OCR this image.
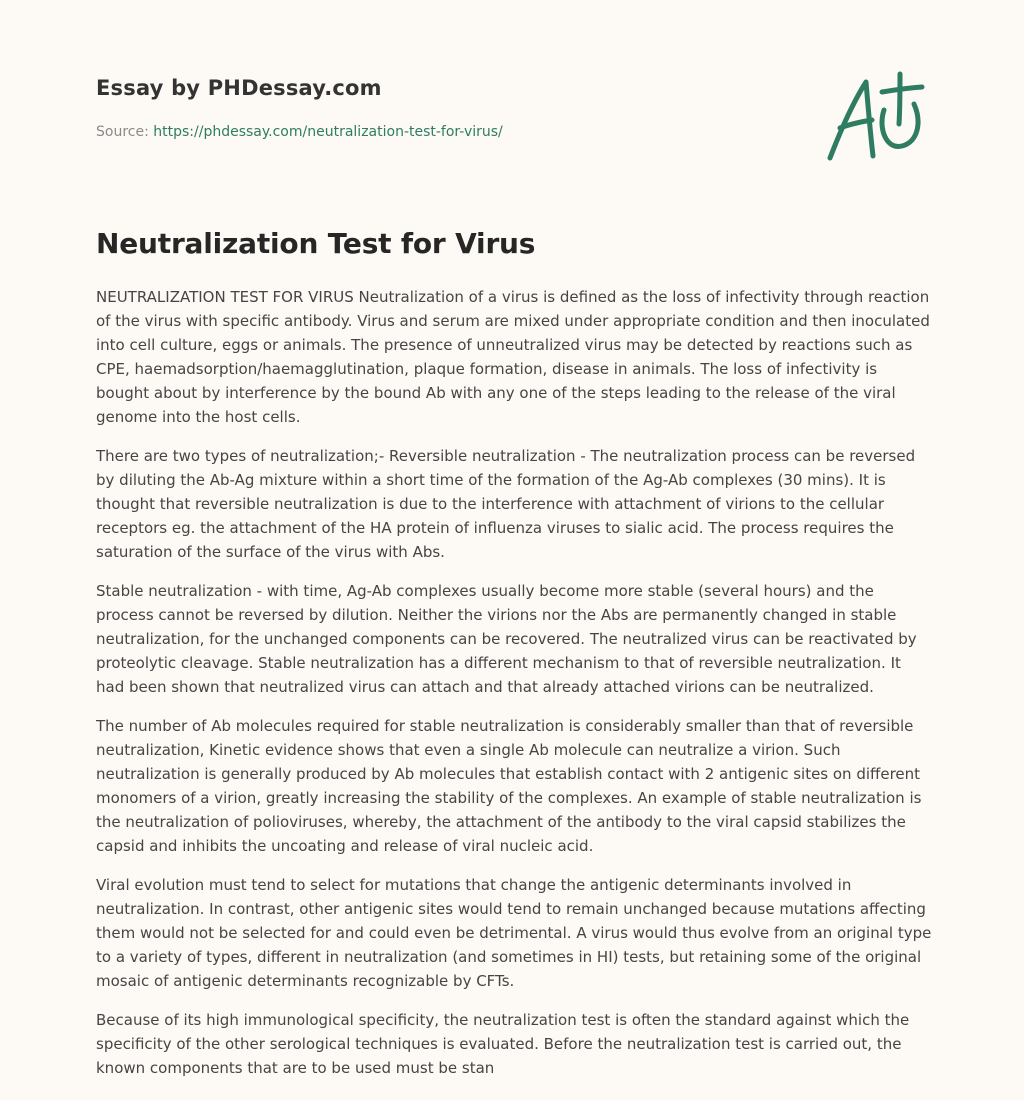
Essay by PHDessay.com
Source: https://phdessay.com/neutralization-test-for-virus/
Neutralization Test for Virus

NEUTRALIZATION TEST FOR VIRUS Neutralization of a virus is defined as the loss of infectivity through reaction of the virus with specific antibody. Virus and serum are mixed under appropriate condition and then inoculated into cell culture, eggs or animals. The presence of unneutralized virus may be detected by reactions such as CPE, haemadsorption/haemagglutination, plaque formation, disease in animals. The loss of infectivity is bought about by interference by the bound Ab with any one of the steps leading to the release of the viral genome into the host cells.

There are two types of neutralization;- Reversible neutralization - The neutralization process can be reversed by diluting the Ab-Ag mixture within a short time of the formation of the Ag-Ab complexes (30 mins). It is thought that reversible neutralization is due to the interference with attachment of virions to the cellular receptors eg. the attachment of the HA protein of influenza viruses to sialic acid. The process requires the saturation of the surface of the virus with Abs.

Stable neutralization - with time, Ag-Ab complexes usually become more stable (several hours) and the process cannot be reversed by dilution. Neither the virions nor the Abs are permanently changed in stable neutralization, for the unchanged components can be recovered. The neutralized virus can be reactivated by proteolytic cleavage. Stable neutralization has a different mechanism to that of reversible neutralization. It had been shown that neutralized virus can attach and that already attached virions can be neutralized.

The number of Ab molecules required for stable neutralization is considerably smaller than that of reversible neutralization, Kinetic evidence shows that even a single Ab molecule can neutralize a virion. Such neutralization is generally produced by Ab molecules that establish contact with 2 antigenic sites on different monomers of a virion, greatly increasing the stability of the complexes. An example of stable neutralization is the neutralization of polioviruses, whereby, the attachment of the antibody to the viral capsid stabilizes the capsid and inhibits the uncoating and release of viral nucleic acid.

Viral evolution must tend to select for mutations that change the antigenic determinants involved in neutralization. In contrast, other antigenic sites would tend to remain unchanged because mutations affecting them would not be selected for and could even be detrimental. A virus would thus evolve from an original type to a variety of types, different in neutralization (and sometimes in HI) tests, but retaining some of the original mosaic of antigenic determinants recognizable by CFTs.

Because of its high immunological specificity, the neutralization test is often the standard against which the specificity of the other serological techniques is evaluated. Before the neutralization test is carried out, the known components that are to be used must be stan
